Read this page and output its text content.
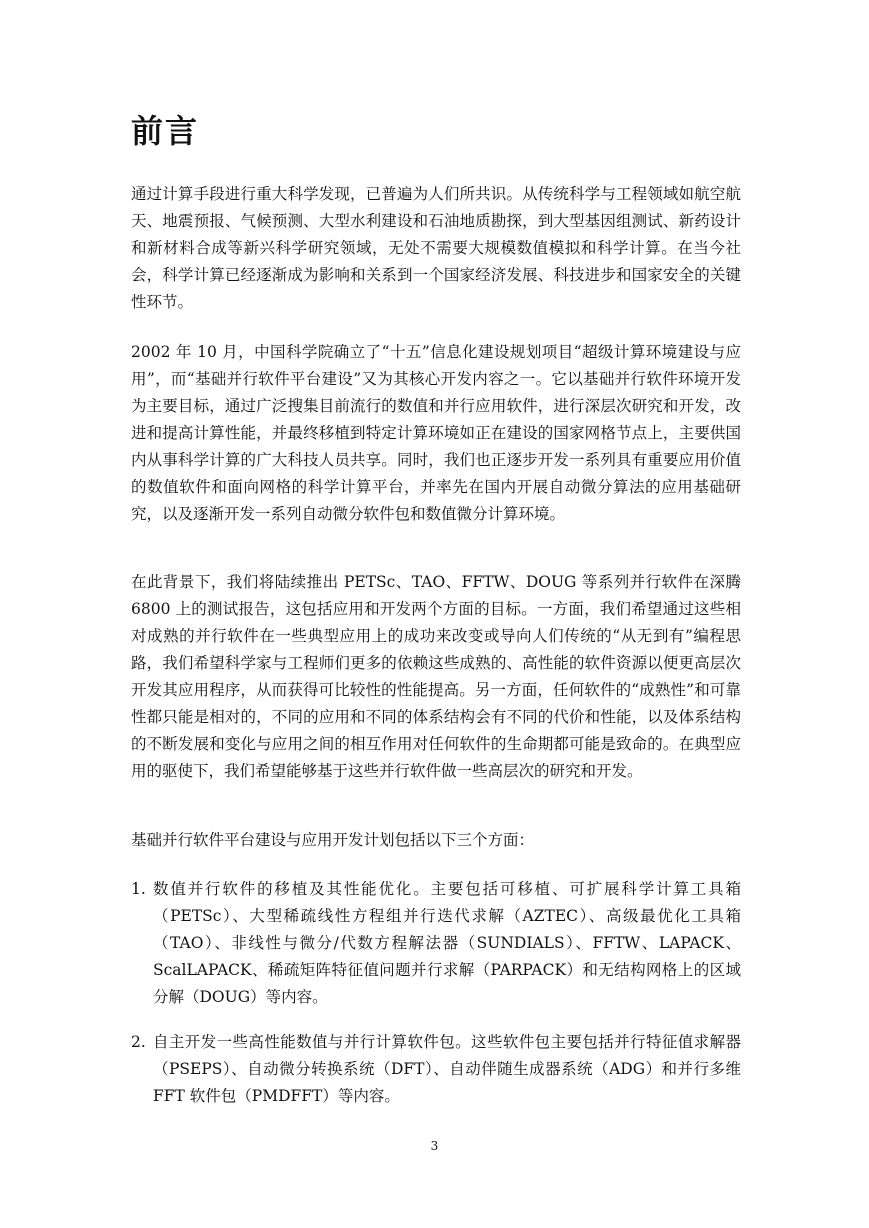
前言

通过计算手段进行重大科学发现，已普遍为人们所共识。从传统科学与工程领域如航空航天、地震预报、气候预测、大型水利建设和石油地质勘探，到大型基因组测试、新药设计和新材料合成等新兴科学研究领域，无处不需要大规模数值模拟和科学计算。在当今社会，科学计算已经逐渐成为影响和关系到一个国家经济发展、科技进步和国家安全的关键性环节。

2002 年 10 月，中国科学院确立了“十五”信息化建设规划项目“超级计算环境建设与应用”，而“基础并行软件平台建设”又为其核心开发内容之一。它以基础并行软件环境开发为主要目标，通过广泛搜集目前流行的数值和并行应用软件，进行深层次研究和开发，改进和提高计算性能，并最终移植到特定计算环境如正在建设的国家网格节点上，主要供国内从事科学计算的广大科技人员共享。同时，我们也正逐步开发一系列具有重要应用价值的数值软件和面向网格的科学计算平台，并率先在国内开展自动微分算法的应用基础研究，以及逐渐开发一系列自动微分软件包和数值微分计算环境。

在此背景下，我们将陆续推出 PETSc、TAO、FFTW、DOUG 等系列并行软件在深腾 6800 上的测试报告，这包括应用和开发两个方面的目标。一方面，我们希望通过这些相对成熟的并行软件在一些典型应用上的成功来改变或导向人们传统的“从无到有”编程思路，我们希望科学家与工程师们更多的依赖这些成熟的、高性能的软件资源以便更高层次开发其应用程序，从而获得可比较性的性能提高。另一方面，任何软件的“成熟性”和可靠性都只能是相对的，不同的应用和不同的体系结构会有不同的代价和性能，以及体系结构的不断发展和变化与应用之间的相互作用对任何软件的生命期都可能是致命的。在典型应用的驱使下，我们希望能够基于这些并行软件做一些高层次的研究和开发。

基础并行软件平台建设与应用开发计划包括以下三个方面：

1. 数值并行软件的移植及其性能优化。主要包括可移植、可扩展科学计算工具箱（PETSc）、大型稀疏线性方程组并行迭代求解（AZTEC）、高级最优化工具箱（TAO）、非线性与微分/代数方程解法器（SUNDIALS）、FFTW、LAPACK、ScalLAPACK、稀疏矩阵特征值问题并行求解（PARPACK）和无结构网格上的区域分解（DOUG）等内容。
2. 自主开发一些高性能数值与并行计算软件包。这些软件包主要包括并行特征值求解器（PSEPS）、自动微分转换系统（DFT）、自动伴随生成器系统（ADG）和并行多维 FFT 软件包（PMDFFT）等内容。
3
